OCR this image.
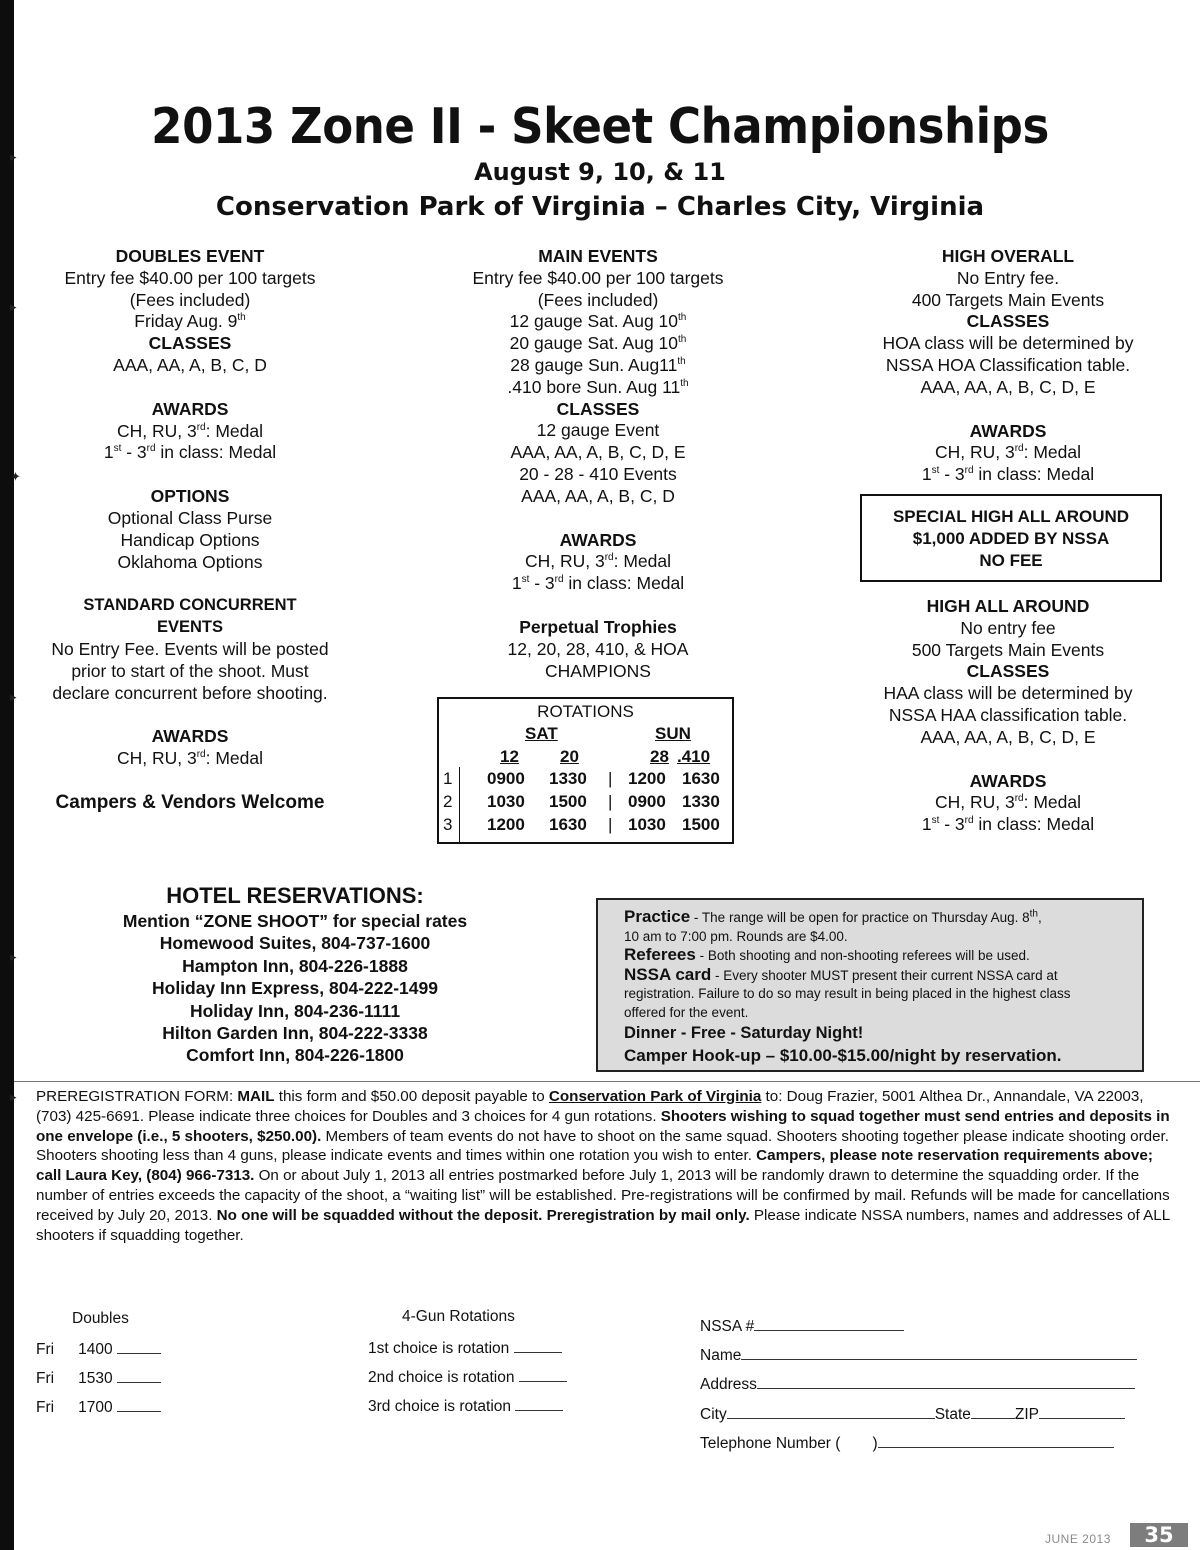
▸
▸
✦
▸
▸
▸
2013 Zone II - Skeet Championships
August 9, 10, & 11
Conservation Park of Virginia – Charles City, Virginia
DOUBLES EVENT
Entry fee $40.00 per 100 targets
(Fees included)
Friday Aug. 9th
CLASSES
AAA, AA, A, B, C, D
AWARDS
CH, RU, 3rd: Medal
1st - 3rd in class: Medal
OPTIONS
Optional Class Purse
Handicap Options
Oklahoma Options
STANDARD CONCURRENT
EVENTS
No Entry Fee. Events will be posted
prior to start of the shoot. Must
declare concurrent before shooting.
AWARDS
CH, RU, 3rd: Medal
Campers & Vendors Welcome
MAIN EVENTS
Entry fee $40.00 per 100 targets
(Fees included)
12 gauge Sat. Aug 10th
20 gauge Sat. Aug 10th
28 gauge Sun. Aug11th
.410 bore Sun. Aug 11th
CLASSES
12 gauge Event
AAA, AA, A, B, C, D, E
20 - 28 - 410 Events
AAA, AA, A, B, C, D
AWARDS
CH, RU, 3rd: Medal
1st - 3rd in class: Medal
Perpetual Trophies
12, 20, 28, 410, & HOA
CHAMPIONS
ROTATIONS
SAT	SUN
12 20	28 .410
1 0900 1330 | 1200 1630
2 1030 1500 | 0900 1330
3 1200 1630 | 1030 1500
HIGH OVERALL
No Entry fee.
400 Targets Main Events
CLASSES
HOA class will be determined by
NSSA HOA Classification table.
AAA, AA, A, B, C, D, E
AWARDS
CH, RU, 3rd: Medal
1st - 3rd in class: Medal
SPECIAL HIGH ALL AROUND
$1,000 ADDED BY NSSA
NO FEE
HIGH ALL AROUND
No entry fee
500 Targets Main Events
CLASSES
HAA class will be determined by
NSSA HAA classification table.
AAA, AA, A, B, C, D, E
AWARDS
CH, RU, 3rd: Medal
1st - 3rd in class: Medal
HOTEL RESERVATIONS:
Mention “ZONE SHOOT” for special rates
Homewood Suites, 804-737-1600
Hampton Inn, 804-226-1888
Holiday Inn Express, 804-222-1499
Holiday Inn, 804-236-1111
Hilton Garden Inn, 804-222-3338
Comfort Inn, 804-226-1800
Practice - The range will be open for practice on Thursday Aug. 8th,
10 am to 7:00 pm. Rounds are $4.00.
Referees - Both shooting and non-shooting referees will be used.
NSSA card - Every shooter MUST present their current NSSA card at
registration. Failure to do so may result in being placed in the highest class
offered for the event.
Dinner - Free - Saturday Night!
Camper Hook-up – $10.00-$15.00/night by reservation.
PREREGISTRATION FORM: MAIL this form and $50.00 deposit payable to Conservation Park of Virginia to: Doug Frazier, 5001 Althea Dr., Annandale, VA 22003, (703) 425-6691. Please indicate three choices for Doubles and 3 choices for 4 gun rotations. Shooters wishing to squad together must send entries and deposits in one envelope (i.e., 5 shooters, $250.00). Members of team events do not have to shoot on the same squad. Shooters shooting together please indicate shooting order. Shooters shooting less than 4 guns, please indicate events and times within one rotation you wish to enter. Campers, please note reservation requirements above; call Laura Key, (804) 966-7313. On or about July 1, 2013 all entries postmarked before July 1, 2013 will be randomly drawn to determine the squadding order. If the number of entries exceeds the capacity of the shoot, a “waiting list” will be established. Pre-registrations will be confirmed by mail. Refunds will be made for cancellations received by July 20, 2013. No one will be squadded without the deposit. Preregistration by mail only. Please indicate NSSA numbers, names and addresses of ALL shooters if squadding together.
Doubles
Fri 1400
Fri 1530
Fri 1700
4-Gun Rotations
1st choice is rotation
2nd choice is rotation
3rd choice is rotation
NSSA #
Name
Address
City	State	ZIP
Telephone Number ( )
JUNE 2013	35
